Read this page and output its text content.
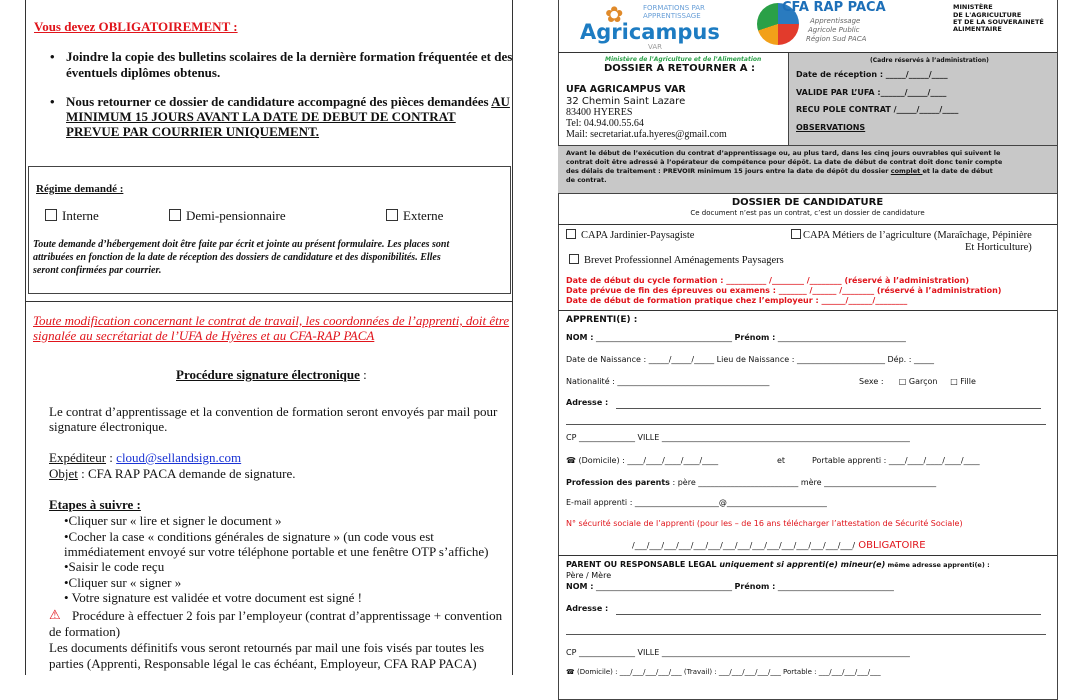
Vous devez OBLIGATOIREMENT :
• Joindre la copie des bulletins scolaires de la dernière formation fréquentée et des
éventuels diplômes obtenus.
• Nous retourner ce dossier de candidature accompagné des pièces demandées AU
MINIMUM 15 JOURS AVANT LA DATE DE DEBUT DE CONTRAT
PREVUE PAR COURRIER UNIQUEMENT.
Régime demandé :
Interne	Demi-pensionnaire	Externe
Toute demande d’hébergement doit être faite par écrit et jointe au présent formulaire. Les places sont
attribuées en fonction de la date de réception des dossiers de candidature et des disponibilités. Elles
seront confirmées par courrier.
Toute modification concernant le contrat de travail, les coordonnées de l’apprenti, doit être
signalée au secrétariat de l’UFA de Hyères et au CFA-RAP PACA
Procédure signature électronique :
Le contrat d’apprentissage et la convention de formation seront envoyés par mail pour
signature électronique.
Expéditeur : cloud@sellandsign.com
Objet : CFA RAP PACA demande de signature.
Etapes à suivre :
•Cliquer sur « lire et signer le document »
•Cocher la case « conditions générales de signature » (un code vous est
immédiatement envoyé sur votre téléphone portable et une fenêtre OTP s’affiche)
•Saisir le code reçu
•Cliquer sur « signer »
• Votre signature est validée et votre document est signé !
⚠ Procédure à effectuer 2 fois par l’employeur (contrat d’apprentissage + convention
de formation)
Les documents définitifs vous seront retournés par mail une fois visés par toutes les
parties (Apprenti, Responsable légal le cas échéant, Employeur, CFA RAP PACA)
✿	FORMATIONS PAR APPRENTISSAGE
Agricampus
VAR
CFA RAP PACA
Apprentissage
Agricole Public
Région Sud PACA
MINISTÈRE
DE L'AGRICULTURE
ET DE LA SOUVERAINETÉ
ALIMENTAIRE
Ministère de l’Agriculture et de l’Alimentation
DOSSIER A RETOURNER A :
UFA AGRICAMPUS VAR
32 Chemin Saint Lazare
83400 HYERES
Tel: 04.94.00.55.64
Mail: secretariat.ufa.hyeres@gmail.com
(Cadre réservés à l’administration)
Date de réception : _____/_____/____
VALIDE PAR L’UFA :______/_____/____
RECU POLE CONTRAT /_____/_____/____
OBSERVATIONS
Avant le début de l’exécution du contrat d’apprentissage ou, au plus tard, dans les cinq jours ouvrables qui suivent le
contrat doit être adressé à l’opérateur de compétence pour dépôt. La date de début de contrat doit donc tenir compte
des délais de traitement : PREVOIR minimum 15 jours entre la date de dépôt du dossier complet et la date de début
de contrat.
DOSSIER DE CANDIDATURE
Ce document n’est pas un contrat, c’est un dossier de candidature
CAPA Jardinier-Paysagiste	CAPA Métiers de l’agriculture (Maraîchage, Pépinière
Et Horticulture)
Brevet Professionnel Aménagements Paysagers
Date de début du cycle formation : __________ /________ /________ (réservé à l’administration)
Date prévue de fin des épreuves ou examens : _______ /______ /________ (réservé à l’administration)
Date de début de formation pratique chez l’employeur : ______/______/________
APPRENTI(E) :
NOM : __________________________________ Prénom : ________________________________
Date de Naissance : _____/_____/_____ Lieu de Naissance : ______________________ Dép. : _____
Nationalité : ______________________________________	Sexe : □ Garçon □ Fille
Adresse :
CP ______________ VILLE ______________________________________________________________
☎ (Domicile) : ____/____/____/____/____	et	Portable apprenti : ____/____/____/____/____
Profession des parents : père _________________________ mère ____________________________
E-mail apprenti : _____________________@_________________________
N° sécurité sociale de l’apprenti (pour les – de 16 ans télécharger l’attestation de Sécurité Sociale)
/___/___/___/___/___/___/___/___/___/___/___/___/___/___/___/ OBLIGATOIRE
PARENT OU RESPONSABLE LEGAL uniquement si apprenti(e) mineur(e) même adresse apprenti(e) :
Père / Mère
NOM : __________________________________ Prénom : _____________________________
Adresse :
CP ______________ VILLE ______________________________________________________________
☎ (Domicile) : ___/___/___/___/___ (Travail) : ___/___/___/___/___ Portable : ___/___/___/___/___
